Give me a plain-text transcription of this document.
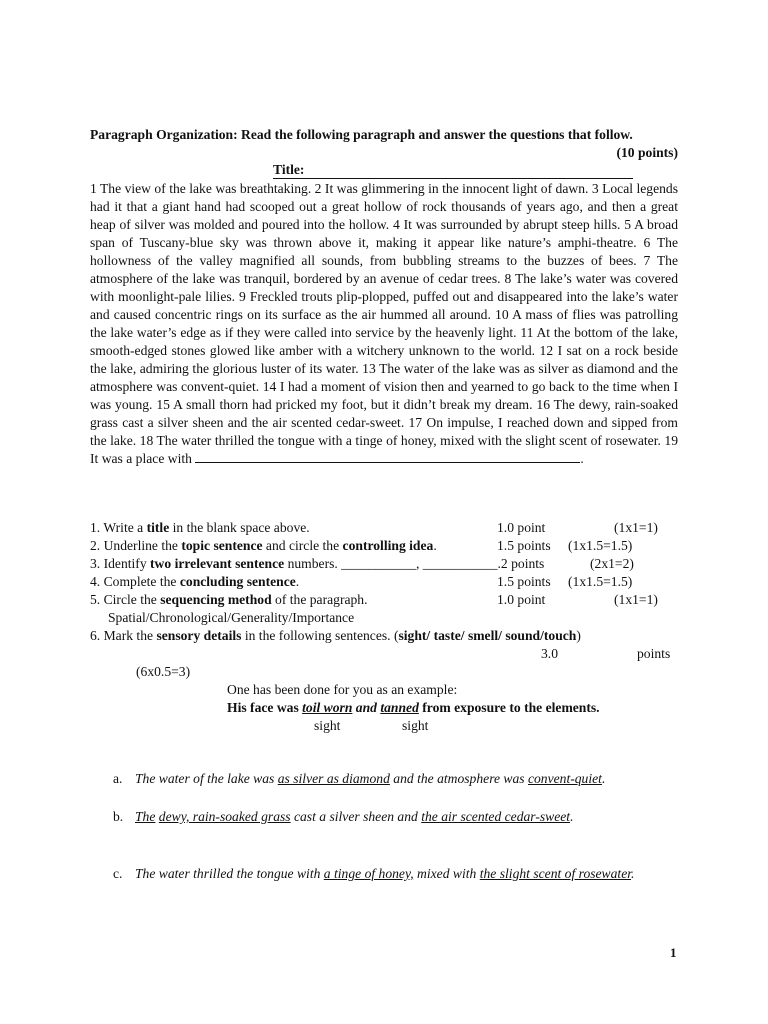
Paragraph Organization: Read the following paragraph and answer the questions that follow.
(10 points)
Title:
1 The view of the lake was breathtaking. 2 It was glimmering in the innocent light of dawn. 3 Local legends had it that a giant hand had scooped out a great hollow of rock thousands of years ago, and then a great heap of silver was molded and poured into the hollow. 4 It was surrounded by abrupt steep hills. 5 A broad span of Tuscany-blue sky was thrown above it, making it appear like nature’s amphi-theatre. 6 The hollowness of the valley magnified all sounds, from bubbling streams to the buzzes of bees. 7 The atmosphere of the lake was tranquil, bordered by an avenue of cedar trees. 8 The lake’s water was covered with moonlight-pale lilies. 9 Freckled trouts plip-plopped, puffed out and disappeared into the lake’s water and caused concentric rings on its surface as the air hummed all around. 10 A mass of flies was patrolling the lake water’s edge as if they were called into service by the heavenly light. 11 At the bottom of the lake, smooth-edged stones glowed like amber with a witchery unknown to the world. 12 I sat on a rock beside the lake, admiring the glorious luster of its water. 13 The water of the lake was as silver as diamond and the atmosphere was convent-quiet. 14 I had a moment of vision then and yearned to go back to the time when I was young. 15 A small thorn had pricked my foot, but it didn’t break my dream. 16 The dewy, rain-soaked grass cast a silver sheen and the air scented cedar-sweet. 17 On impulse, I reached down and sipped from the lake. 18 The water thrilled the tongue with a tinge of honey, mixed with the slight scent of rosewater. 19 It was a place with	.
1. Write a title in the blank space above.	1.0 point	(1x1=1)
2. Underline the topic sentence and circle the controlling idea.	1.5 points (1x1.5=1.5)
3. Identify two irrelevant sentence numbers. ___________, ___________.2 points	(2x1=2)
4. Complete the concluding sentence.	1.5 points (1x1.5=1.5)
5. Circle the sequencing method of the paragraph.	1.0 point	(1x1=1)
Spatial/Chronological/Generality/Importance
6. Mark the sensory details in the following sentences. (sight/ taste/ smell/ sound/touch)
3.0	points
(6x0.5=3)
One has been done for you as an example:
His face was toil worn and tanned from exposure to the elements.
sight	sight
a. The water of the lake was as silver as diamond and the atmosphere was convent-quiet.
b. The dewy, rain-soaked grass cast a silver sheen and the air scented cedar-sweet.
c. The water thrilled the tongue with a tinge of honey, mixed with the slight scent of rosewater.
1
